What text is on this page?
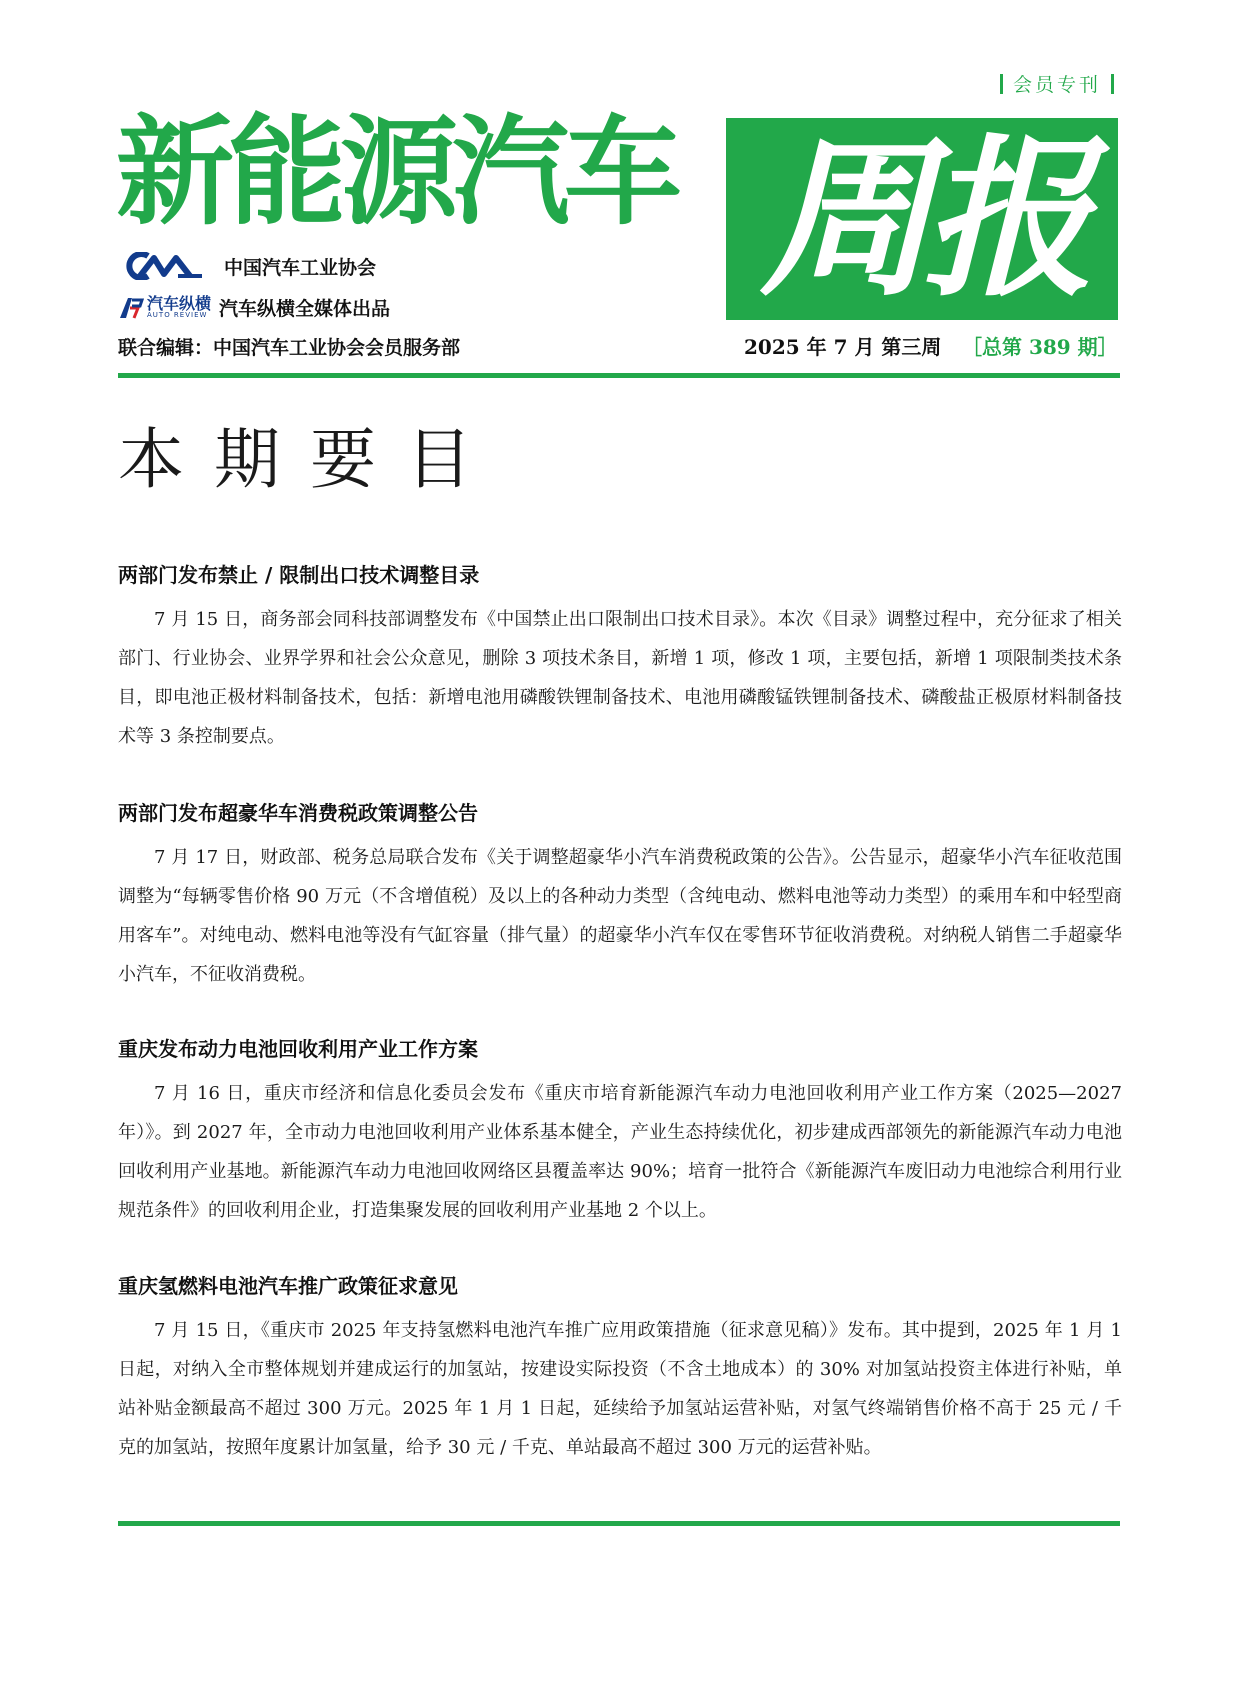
会员专刊
新能源汽车 周报
中国汽车工业协会
汽车纵横
AUTO REVIEW 汽车纵横全媒体出品
联合编辑：中国汽车工业协会会员服务部	2025 年 7 月 第三周 ［总第 389 期］
本期要目
两部门发布禁止 / 限制出口技术调整目录

7 月 15 日，商务部会同科技部调整发布《中国禁止出口限制出口技术目录》。本次《目录》调整过程中，充分征求了相关部门、行业协会、业界学界和社会公众意见，删除 3 项技术条目，新增 1 项，修改 1 项，主要包括，新增 1 项限制类技术条目，即电池正极材料制备技术，包括：新增电池用磷酸铁锂制备技术、电池用磷酸锰铁锂制备技术、磷酸盐正极原材料制备技术等 3 条控制要点。

两部门发布超豪华车消费税政策调整公告

7 月 17 日，财政部、税务总局联合发布《关于调整超豪华小汽车消费税政策的公告》。公告显示，超豪华小汽车征收范围调整为“每辆零售价格 90 万元（不含增值税）及以上的各种动力类型（含纯电动、燃料电池等动力类型）的乘用车和中轻型商用客车”。对纯电动、燃料电池等没有气缸容量（排气量）的超豪华小汽车仅在零售环节征收消费税。对纳税人销售二手超豪华小汽车，不征收消费税。

重庆发布动力电池回收利用产业工作方案

7 月 16 日，重庆市经济和信息化委员会发布《重庆市培育新能源汽车动力电池回收利用产业工作方案（2025—2027 年）》。到 2027 年，全市动力电池回收利用产业体系基本健全，产业生态持续优化，初步建成西部领先的新能源汽车动力电池回收利用产业基地。新能源汽车动力电池回收网络区县覆盖率达 90%；培育一批符合《新能源汽车废旧动力电池综合利用行业规范条件》的回收利用企业，打造集聚发展的回收利用产业基地 2 个以上。

重庆氢燃料电池汽车推广政策征求意见

7 月 15 日，《重庆市 2025 年支持氢燃料电池汽车推广应用政策措施（征求意见稿）》发布。其中提到，2025 年 1 月 1 日起，对纳入全市整体规划并建成运行的加氢站，按建设实际投资（不含土地成本）的 30% 对加氢站投资主体进行补贴，单站补贴金额最高不超过 300 万元。2025 年 1 月 1 日起，延续给予加氢站运营补贴，对氢气终端销售价格不高于 25 元 / 千克的加氢站，按照年度累计加氢量，给予 30 元 / 千克、单站最高不超过 300 万元的运营补贴。
